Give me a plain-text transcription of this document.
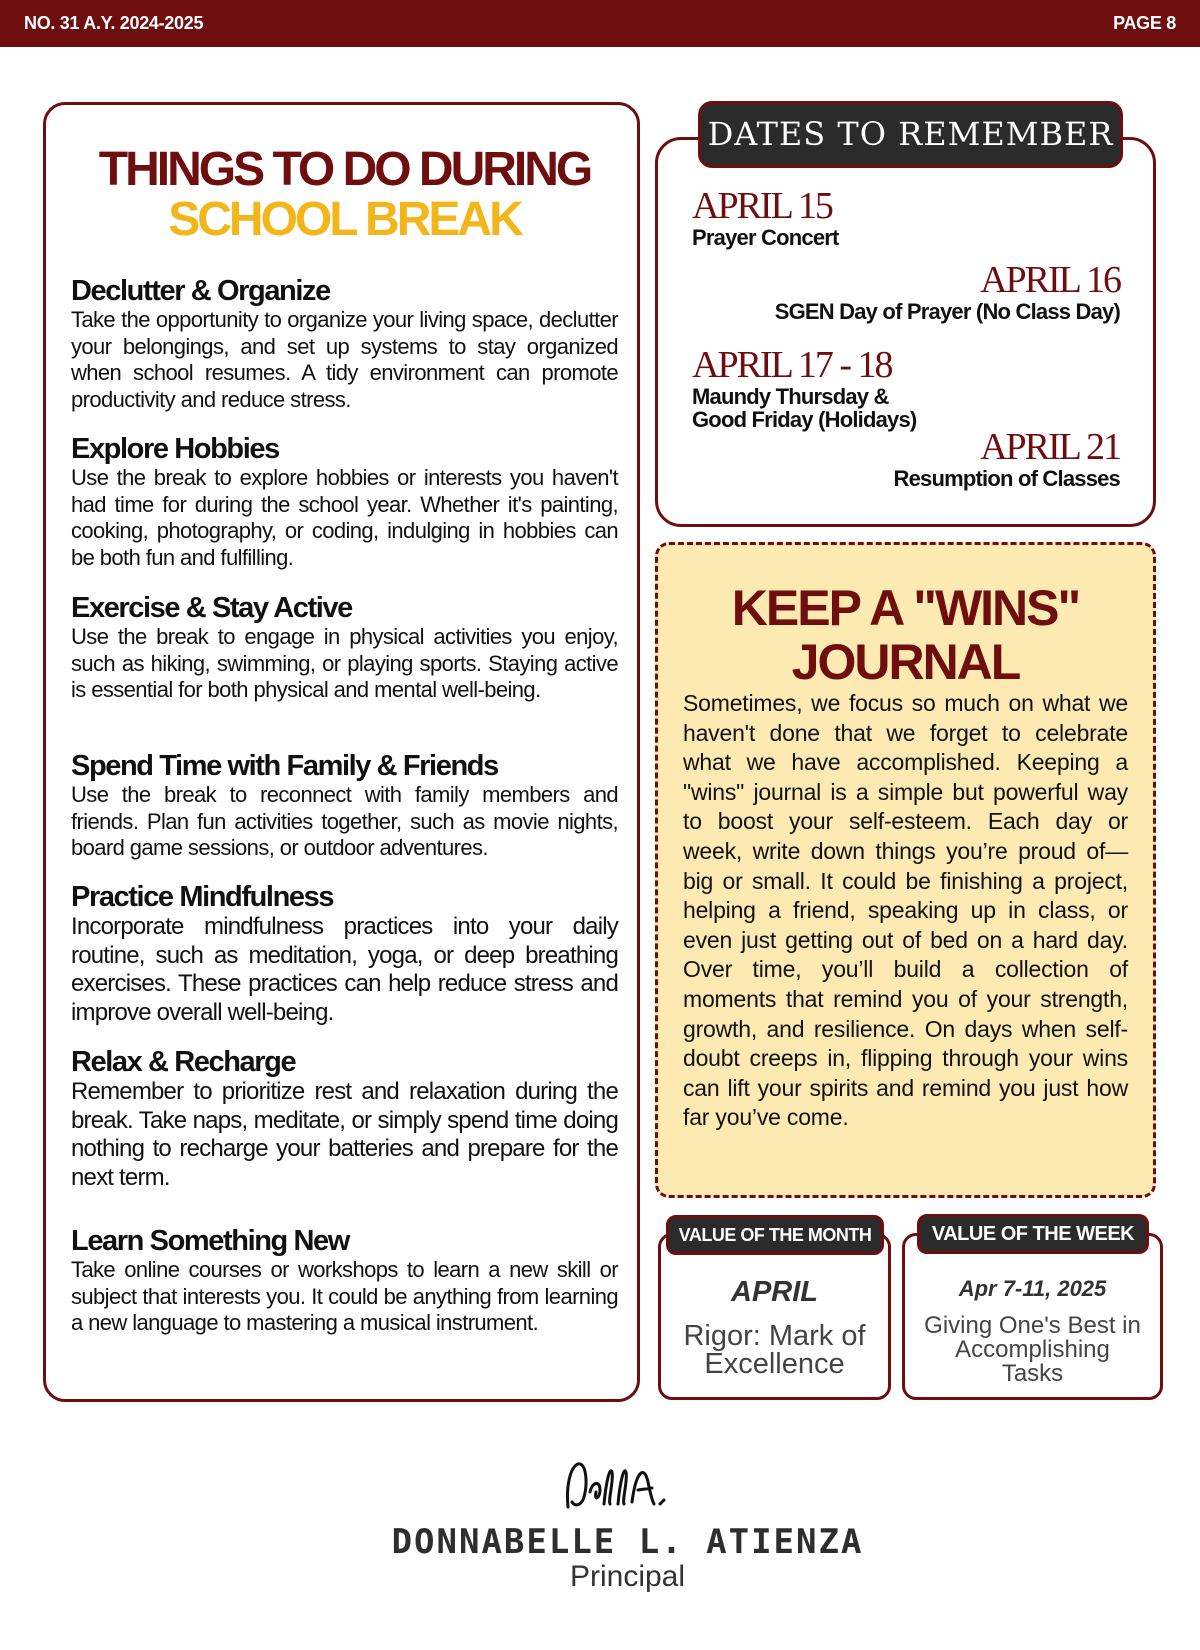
NO. 31 A.Y. 2024-2025	PAGE 8
THINGS TO DO DURING
SCHOOL BREAK
Declutter & Organize

Take the opportunity to organize your living space, declutter your belongings, and set up systems to stay organized when school resumes. A tidy environment can promote productivity and reduce stress.

Explore Hobbies

Use the break to explore hobbies or interests you haven't had time for during the school year. Whether it's painting, cooking, photography, or coding, indulging in hobbies can be both fun and fulfilling.

Exercise & Stay Active

Use the break to engage in physical activities you enjoy, such as hiking, swimming, or playing sports. Staying active is essential for both physical and mental well-being.

Spend Time with Family & Friends

Use the break to reconnect with family members and friends. Plan fun activities together, such as movie nights, board game sessions, or outdoor adventures.

Practice Mindfulness

Incorporate mindfulness practices into your daily routine, such as meditation, yoga, or deep breathing exercises. These practices can help reduce stress and improve overall well-being.

Relax & Recharge

Remember to prioritize rest and relaxation during the break. Take naps, meditate, or simply spend time doing nothing to recharge your batteries and prepare for the next term.

Learn Something New

Take online courses or workshops to learn a new skill or subject that interests you. It could be anything from learning a new language to mastering a musical instrument.

DATES TO REMEMBER
APRIL 15
Prayer Concert
APRIL 16
SGEN Day of Prayer (No Class Day)
APRIL 17 - 18
Maundy Thursday &
Good Friday (Holidays)
APRIL 21
Resumption of Classes
KEEP A "WINS"
JOURNAL

Sometimes, we focus so much on what we haven't done that we forget to celebrate what we have accomplished. Keeping a "wins" journal is a simple but powerful way to boost your self-esteem. Each day or week, write down things you’re proud of—big or small. It could be finishing a project, helping a friend, speaking up in class, or even just getting out of bed on a hard day. Over time, you’ll build a collection of moments that remind you of your strength, growth, and resilience. On days when self-doubt creeps in, flipping through your wins can lift your spirits and remind you just how far you’ve come.

APRIL
Rigor: Mark of
Excellence
VALUE OF THE MONTH
Apr 7-11, 2025
Giving One's Best in
Accomplishing
Tasks
VALUE OF THE WEEK
DONNABELLE L. ATIENZA
Principal
